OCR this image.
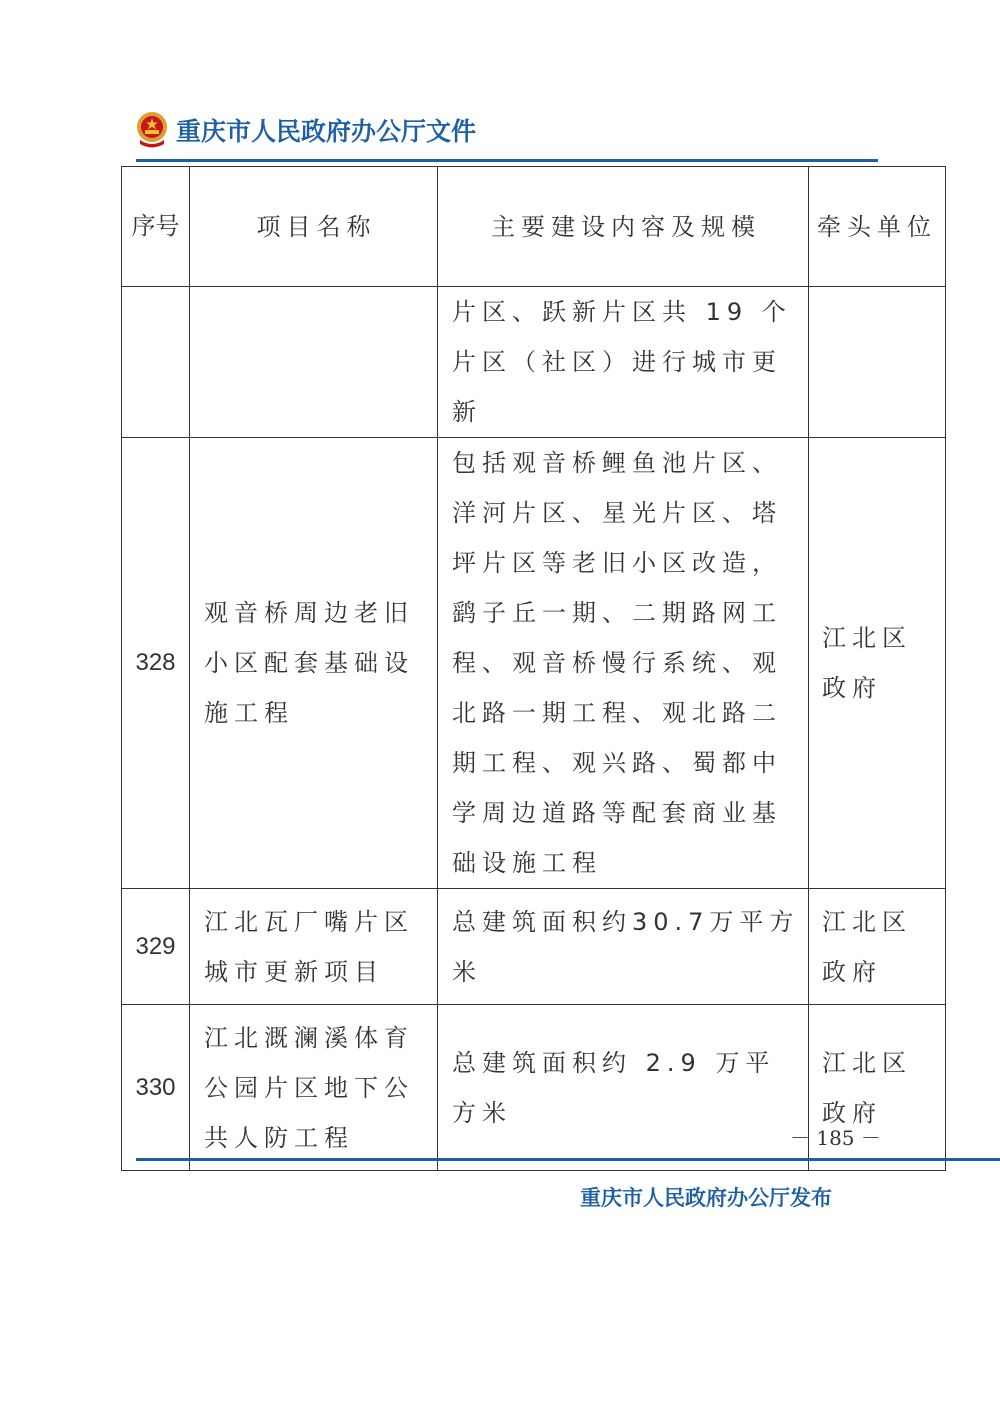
重庆市人民政府办公厅文件
序号	项目名称	主要建设内容及规模	牵头单位
		片区、跃新片区共 19 个片区（社区）进行城市更新	
328	观音桥周边老旧小区配套基础设施工程	包括观音桥鲤鱼池片区、洋河片区、星光片区、塔坪片区等老旧小区改造，鹞子丘一期、二期路网工程、观音桥慢行系统、观北路一期工程、观北路二期工程、观兴路、蜀都中学周边道路等配套商业基础设施工程	江北区政府
329	江北瓦厂嘴片区城市更新项目	总建筑面积约30.7万平方米	江北区政府
330	江北溉澜溪体育公园片区地下公共人防工程	总建筑面积约 2.9 万平方米	江北区政府
－ 185 －
重庆市人民政府办公厅发布
